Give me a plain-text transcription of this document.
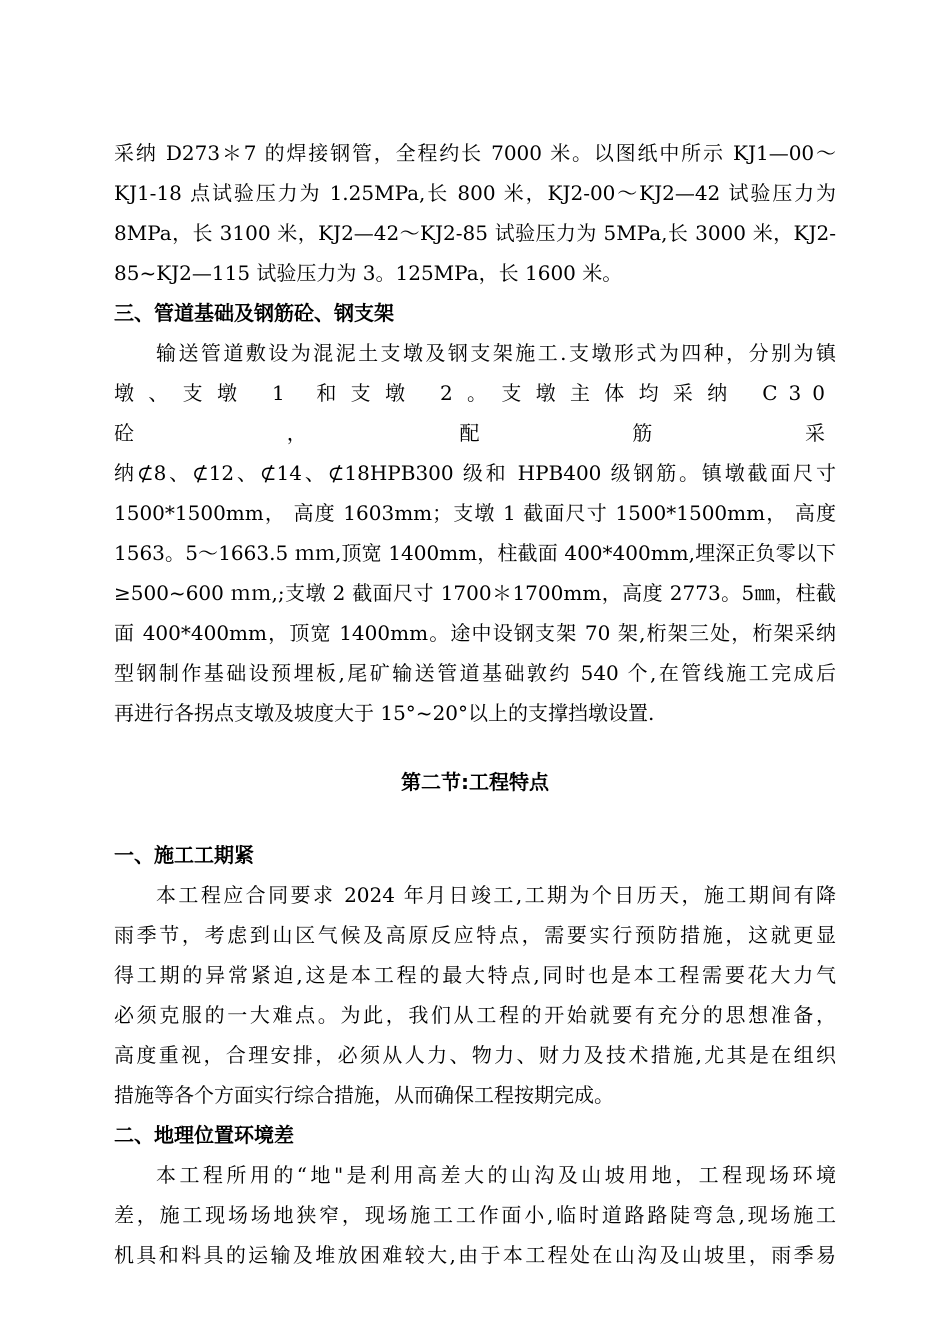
采纳 D273＊7 的焊接钢管，全程约长 7000 米。以图纸中所示 KJ1—00～

KJ1-18 点试验压力为 1.25MPa,长 800 米，KJ2-00～KJ2—42 试验压力为

8MPa，长 3100 米，KJ2—42～KJ2-85 试验压力为 5MPa,长 3000 米，KJ2-

85~KJ2—115 试验压力为 3。125MPa，长 1600 米。

三、管道基础及钢筋砼、钢支架

输送管道敷设为混泥土支墩及钢支架施工.支墩形式为四种，分别为镇

墩、支墩 1 和支墩 2。支墩主体均采纳 C30 砼，配筋采

纳⊄8、⊄12、⊄14、⊄18HPB300 级和 HPB400 级钢筋。镇墩截面尺寸

1500*1500mm， 高度 1603mm；支墩 1 截面尺寸 1500*1500mm， 高度

1563。5～1663.5 ｍｍ,顶宽 1400mm，柱截面 400*400mm,埋深正负零以下

≥500~600 ｍｍ,;支墩 2 截面尺寸 1700＊1700mm，高度 2773。5㎜，柱截

面 400*400mm，顶宽 1400mm。途中设钢支架 70 架,桁架三处，桁架采纳

型钢制作基础设预埋板,尾矿输送管道基础敦约 540 个,在管线施工完成后

再进行各拐点支墩及坡度大于 15°~20°以上的支撑挡墩设置.

第二节:工程特点
一、施工工期紧

本工程应合同要求 2024 年月日竣工,工期为个日历天，施工期间有降

雨季节，考虑到山区气候及高原反应特点，需要实行预防措施，这就更显

得工期的异常紧迫,这是本工程的最大特点,同时也是本工程需要花大力气

必须克服的一大难点。为此，我们从工程的开始就要有充分的思想准备，

高度重视，合理安排，必须从人力、物力、财力及技术措施,尤其是在组织

措施等各个方面实行综合措施，从而确保工程按期完成。

二、地理位置环境差

本工程所用的“地"是利用高差大的山沟及山坡用地，工程现场环境

差，施工现场场地狭窄，现场施工工作面小,临时道路路陡弯急,现场施工

机具和料具的运输及堆放困难较大,由于本工程处在山沟及山坡里，雨季易
